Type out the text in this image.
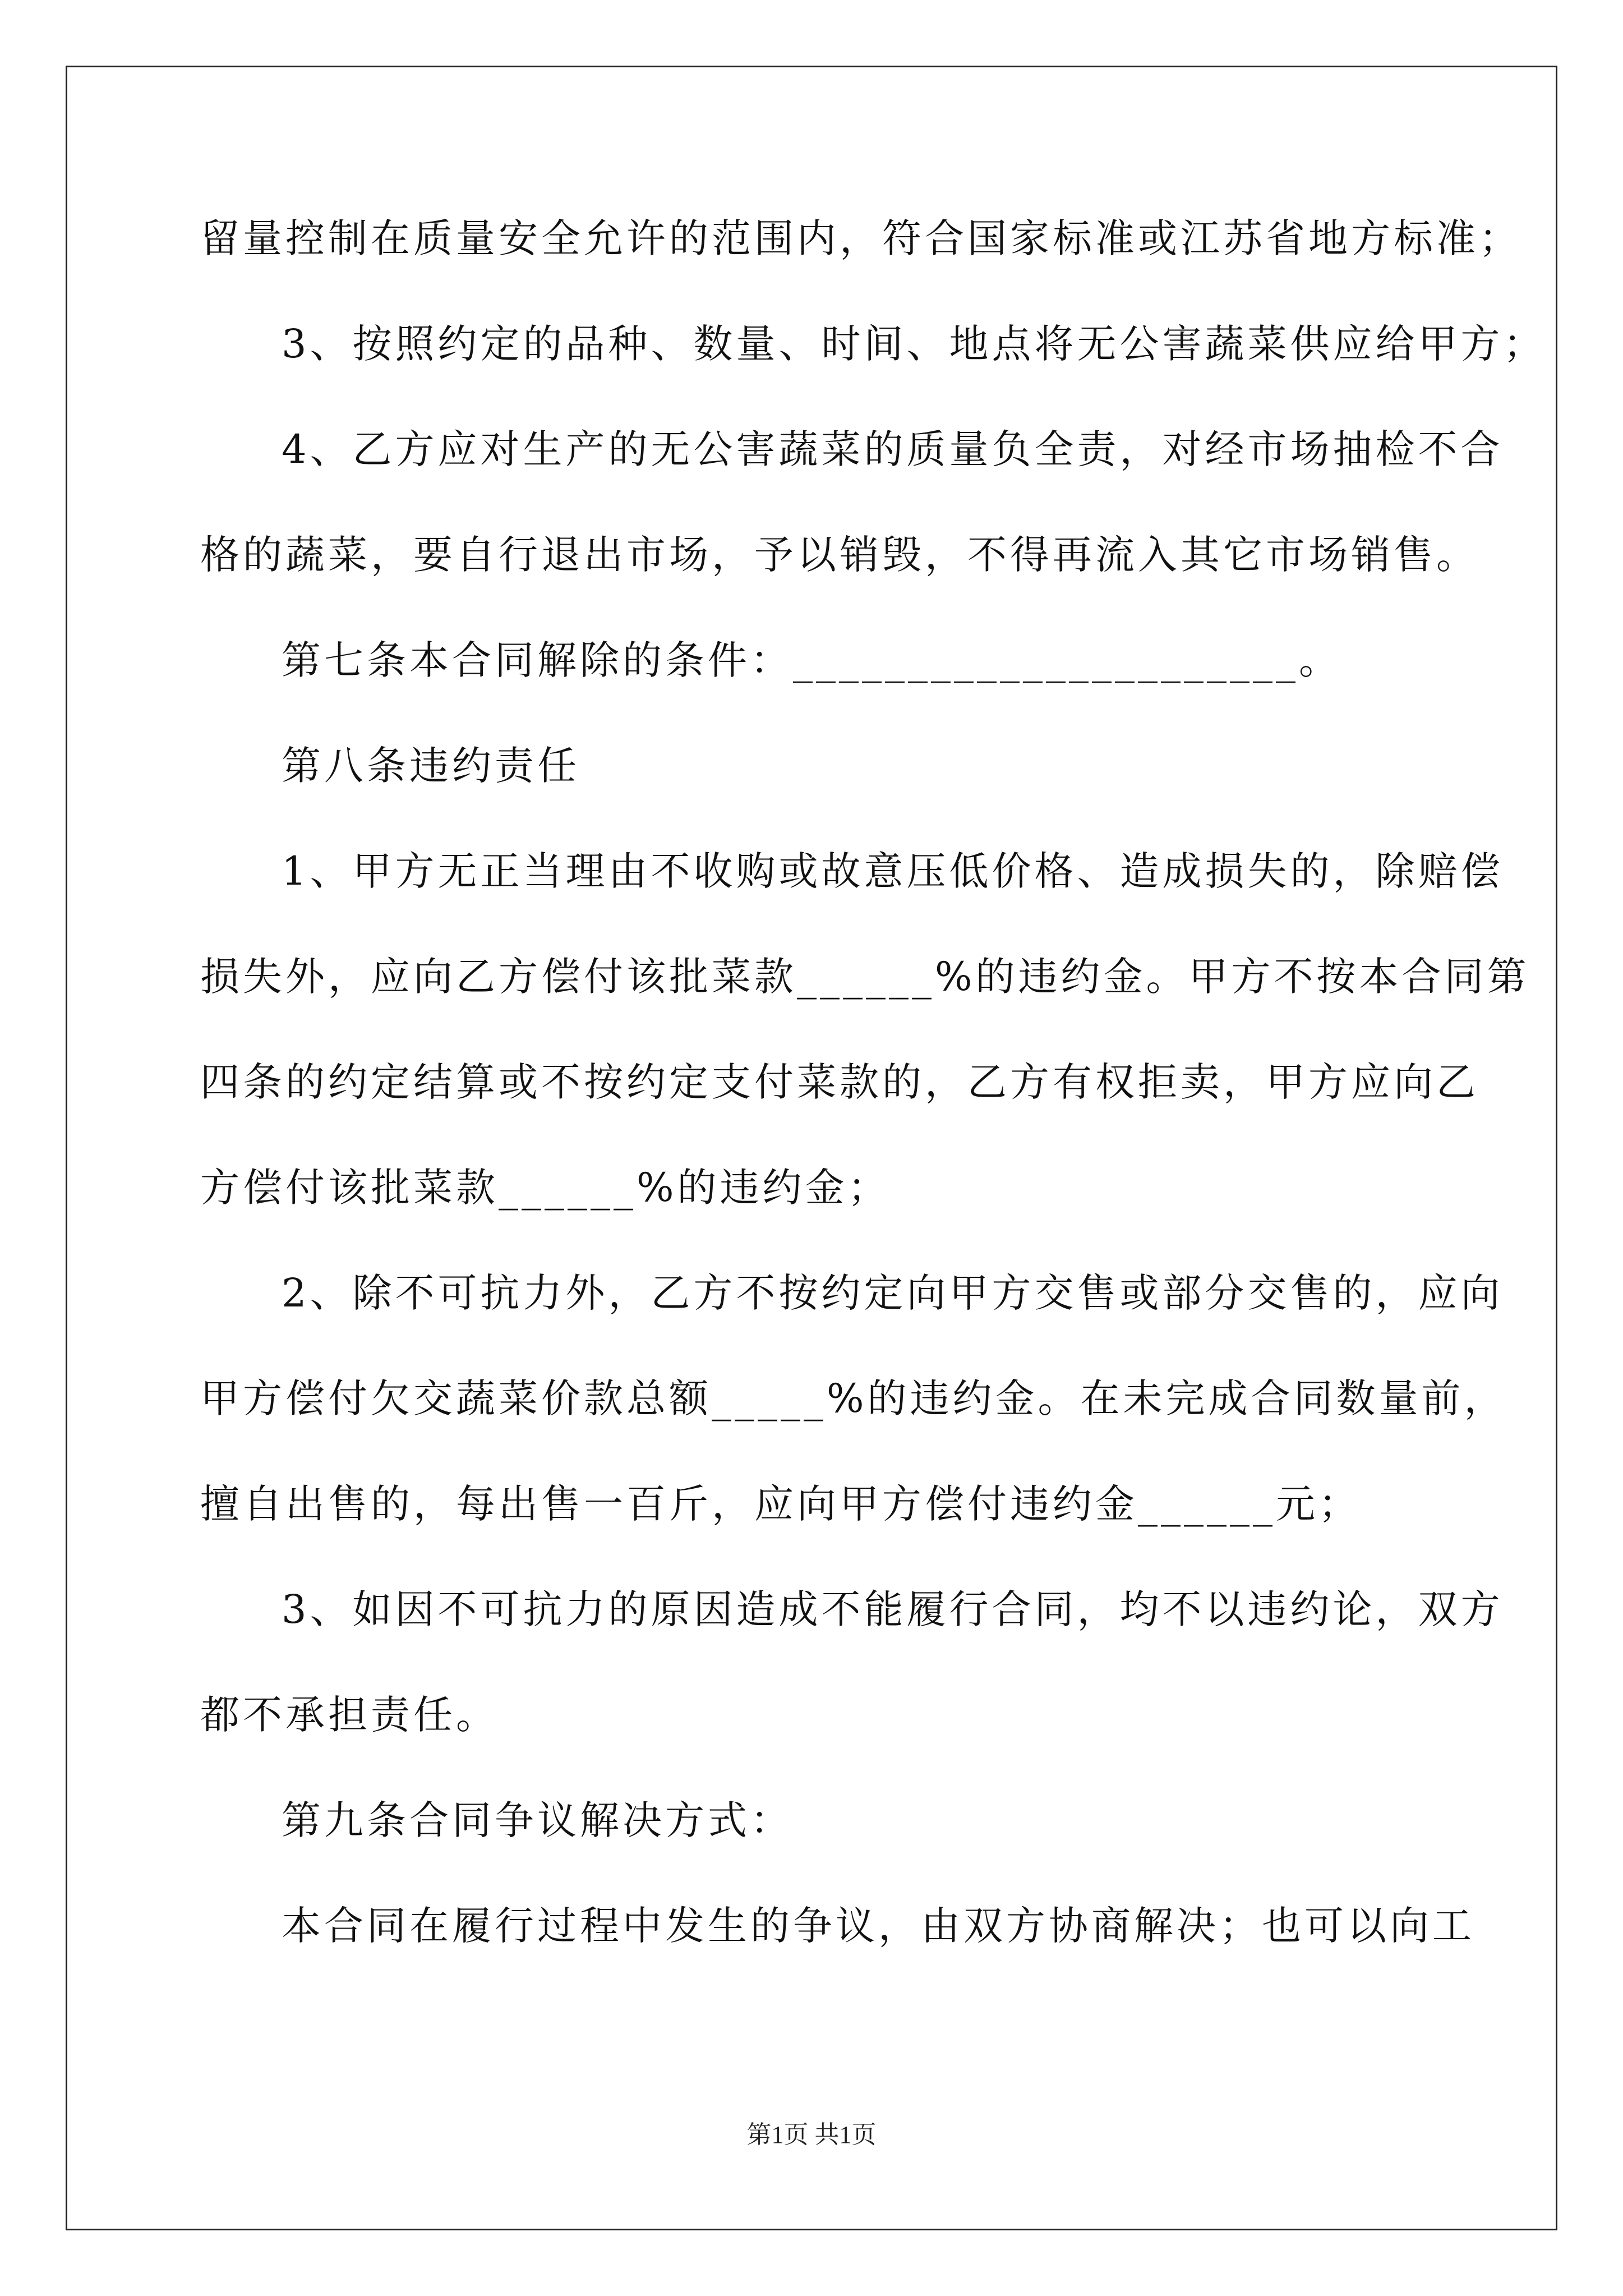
留量控制在质量安全允许的范围内，符合国家标准或江苏省地方标准；
3、按照约定的品种、数量、时间、地点将无公害蔬菜供应给甲方；
4、乙方应对生产的无公害蔬菜的质量负全责，对经市场抽检不合
格的蔬菜，要自行退出市场，予以销毁，不得再流入其它市场销售。
第七条本合同解除的条件：______________________。
第八条违约责任
1、甲方无正当理由不收购或故意压低价格、造成损失的，除赔偿
损失外，应向乙方偿付该批菜款______%的违约金。甲方不按本合同第
四条的约定结算或不按约定支付菜款的，乙方有权拒卖，甲方应向乙
方偿付该批菜款______%的违约金；
2、除不可抗力外，乙方不按约定向甲方交售或部分交售的，应向
甲方偿付欠交蔬菜价款总额_____%的违约金。在未完成合同数量前，
擅自出售的，每出售一百斤，应向甲方偿付违约金______元；
3、如因不可抗力的原因造成不能履行合同，均不以违约论，双方
都不承担责任。
第九条合同争议解决方式：
本合同在履行过程中发生的争议，由双方协商解决；也可以向工
第1页 共1页
